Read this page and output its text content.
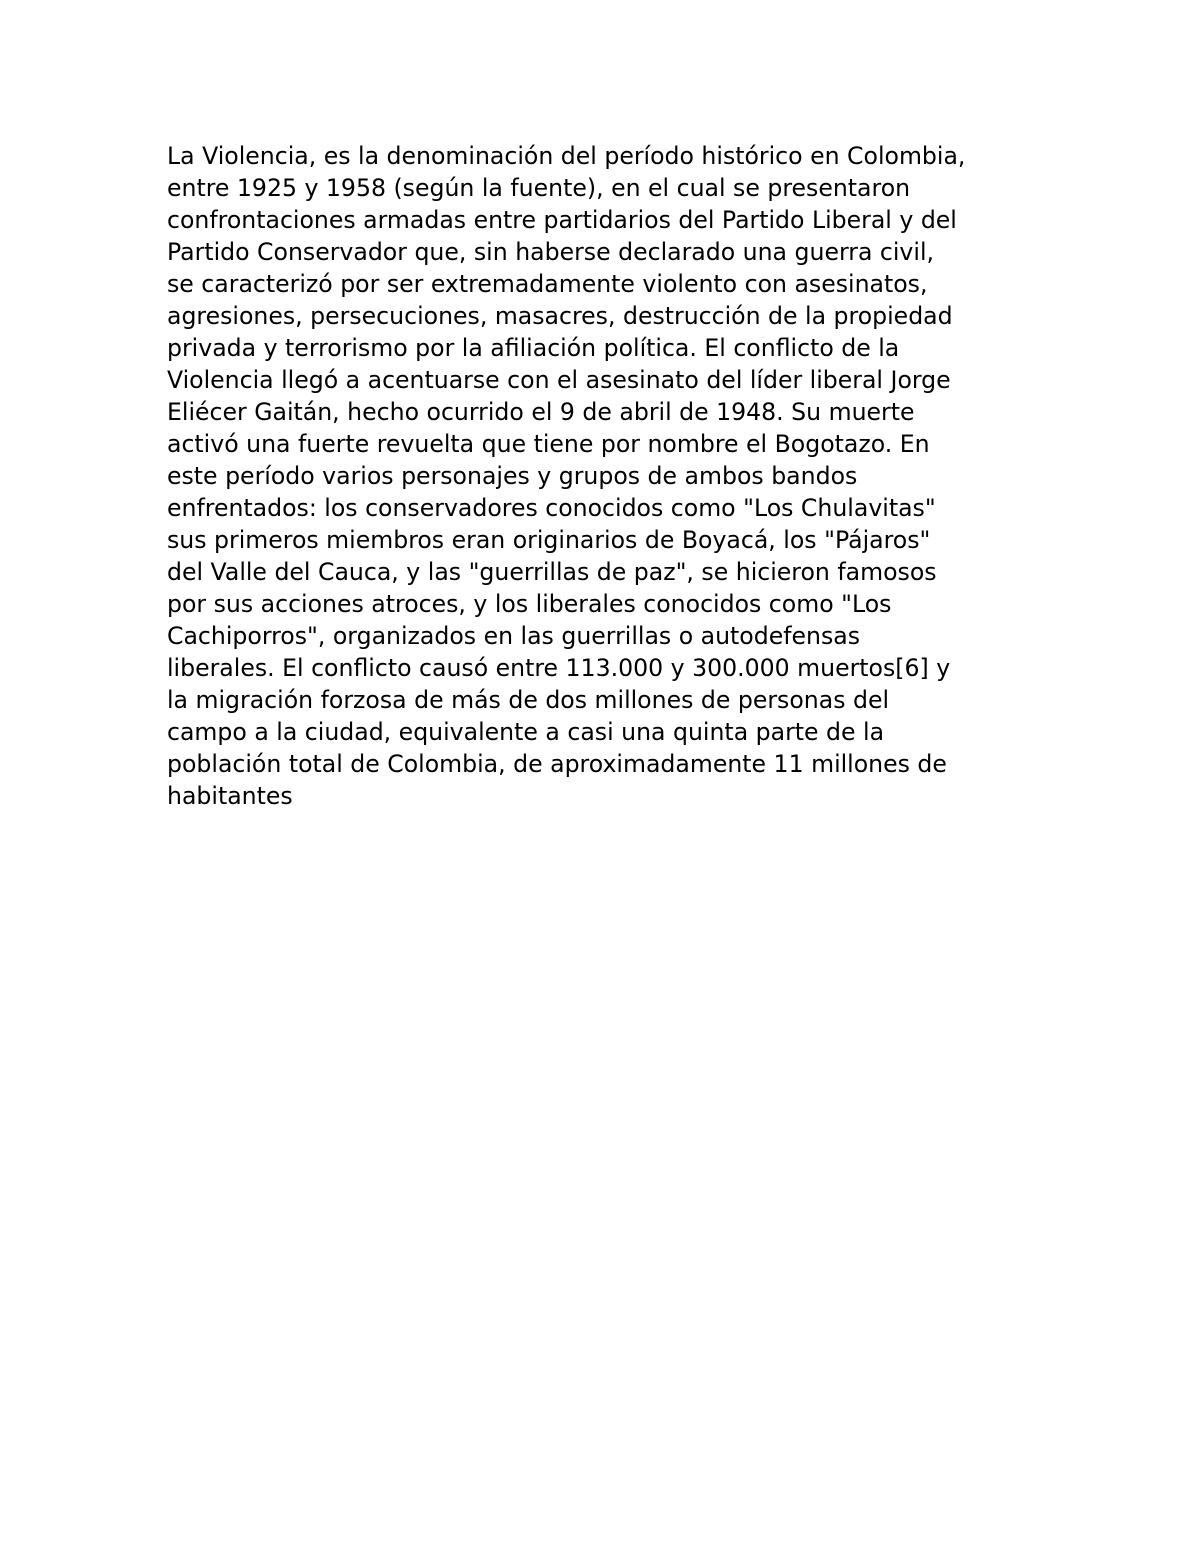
La Violencia, es la denominación del período histórico en Colombia,
entre 1925 y 1958 (según la fuente), en el cual se presentaron
confrontaciones armadas entre partidarios del Partido Liberal y del
Partido Conservador que, sin haberse declarado una guerra civil,
se caracterizó por ser extremadamente violento con asesinatos,
agresiones, persecuciones, masacres, destrucción de la propiedad
privada y terrorismo por la afiliación política. El conflicto de la
Violencia llegó a acentuarse con el asesinato del líder liberal Jorge
Eliécer Gaitán, hecho ocurrido el 9 de abril de 1948. Su muerte
activó una fuerte revuelta que tiene por nombre el Bogotazo. En
este período varios personajes y grupos de ambos bandos
enfrentados: los conservadores conocidos como "Los Chulavitas"
sus primeros miembros eran originarios de Boyacá, los "Pájaros"
del Valle del Cauca, y las "guerrillas de paz", se hicieron famosos
por sus acciones atroces, y los liberales conocidos como "Los
Cachiporros", organizados en las guerrillas o autodefensas
liberales. El conflicto causó entre 113.000 y 300.000 muertos[6] y
la migración forzosa de más de dos millones de personas del
campo a la ciudad, equivalente a casi una quinta parte de la
población total de Colombia, de aproximadamente 11 millones de
habitantes
